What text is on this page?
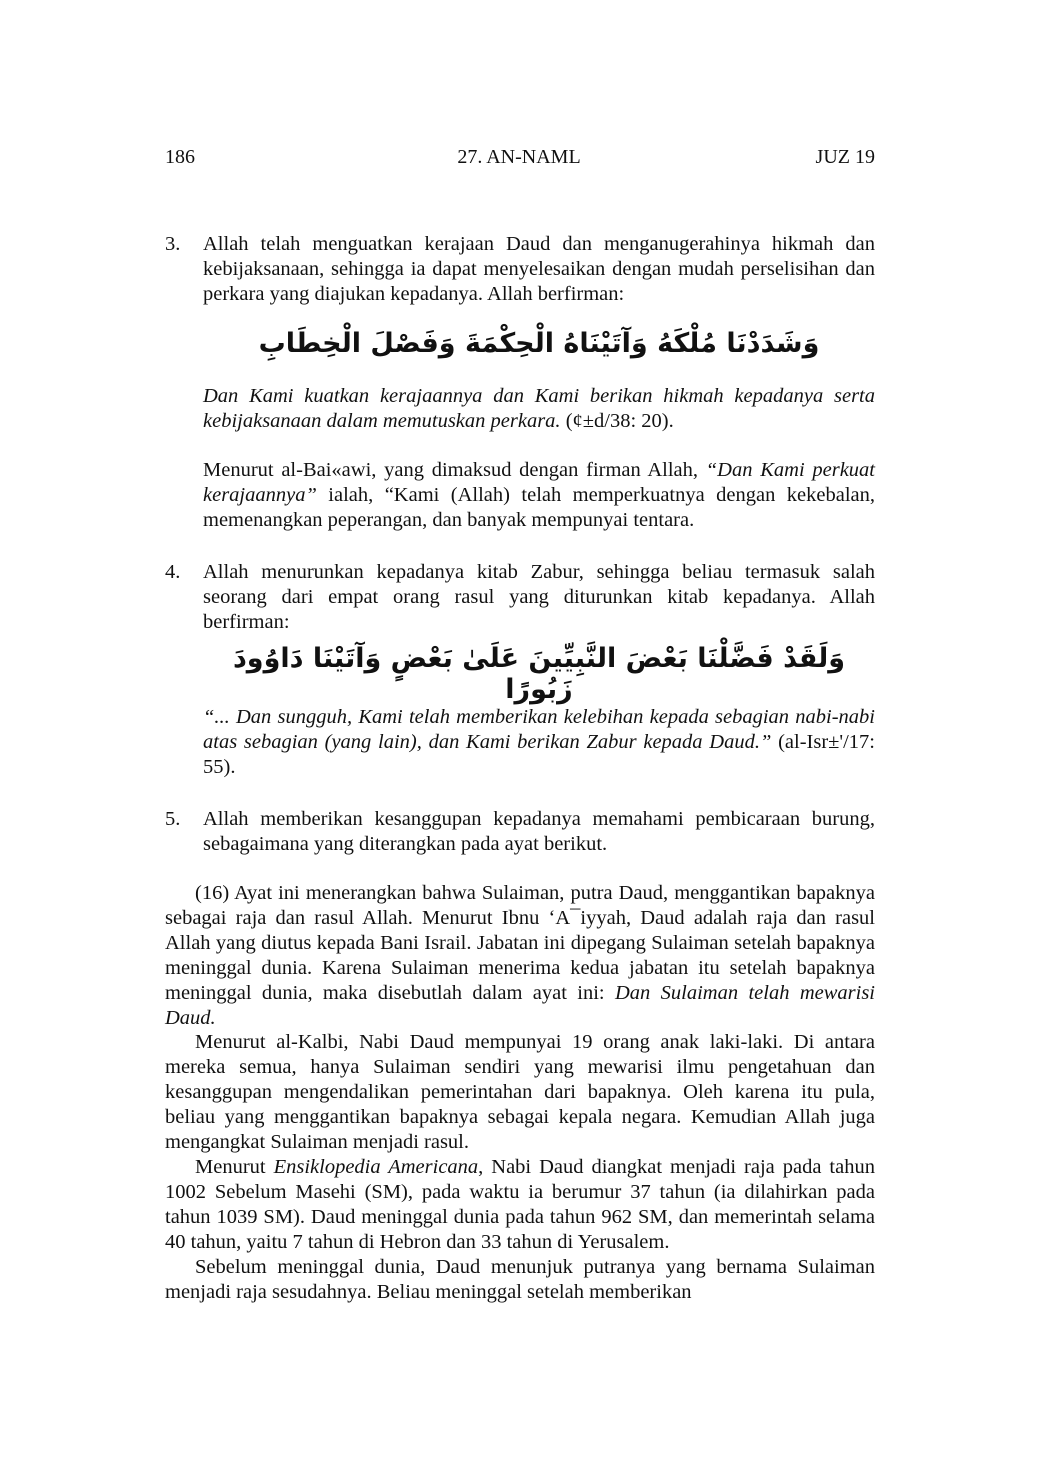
186	27. AN-NAML	JUZ 19
3.	Allah telah menguatkan kerajaan Daud dan menganugerahinya hikmah dan kebijaksanaan, sehingga ia dapat menyelesaikan dengan mudah perselisihan dan perkara yang diajukan kepadanya. Allah berfirman:
وَشَدَدْنَا مُلْكَهُ وَآتَيْنَاهُ الْحِكْمَةَ وَفَصْلَ الْخِطَابِ
Dan Kami kuatkan kerajaannya dan Kami berikan hikmah kepadanya serta kebijaksanaan dalam memutuskan perkara. (¢±d/38: 20).
Menurut al-Bai«awi, yang dimaksud dengan firman Allah, “Dan Kami perkuat kerajaannya” ialah, “Kami (Allah) telah memperkuatnya dengan kekebalan, memenangkan peperangan, dan banyak mempunyai tentara.
4.	Allah menurunkan kepadanya kitab Zabur, sehingga beliau termasuk salah seorang dari empat orang rasul yang diturunkan kitab kepadanya. Allah berfirman:
وَلَقَدْ فَضَّلْنَا بَعْضَ النَّبِيِّينَ عَلَىٰ بَعْضٍ وَآتَيْنَا دَاوُودَ زَبُورًا
“... Dan sungguh, Kami telah memberikan kelebihan kepada sebagian nabi-nabi atas sebagian (yang lain), dan Kami berikan Zabur kepada Daud.” (al-Isr±'/17: 55).
5.	Allah memberikan kesanggupan kepadanya memahami pembicaraan burung, sebagaimana yang diterangkan pada ayat berikut.
(16) Ayat ini menerangkan bahwa Sulaiman, putra Daud, menggantikan bapaknya sebagai raja dan rasul Allah. Menurut Ibnu ‘A¯iyyah, Daud adalah raja dan rasul Allah yang diutus kepada Bani Israil. Jabatan ini dipegang Sulaiman setelah bapaknya meninggal dunia. Karena Sulaiman menerima kedua jabatan itu setelah bapaknya meninggal dunia, maka disebutlah dalam ayat ini: Dan Sulaiman telah mewarisi Daud.
Menurut al-Kalbi, Nabi Daud mempunyai 19 orang anak laki-laki. Di antara mereka semua, hanya Sulaiman sendiri yang mewarisi ilmu pengetahuan dan kesanggupan mengendalikan pemerintahan dari bapaknya. Oleh karena itu pula, beliau yang menggantikan bapaknya sebagai kepala negara. Kemudian Allah juga mengangkat Sulaiman menjadi rasul.
Menurut Ensiklopedia Americana, Nabi Daud diangkat menjadi raja pada tahun 1002 Sebelum Masehi (SM), pada waktu ia berumur 37 tahun (ia dilahirkan pada tahun 1039 SM). Daud meninggal dunia pada tahun 962 SM, dan memerintah selama 40 tahun, yaitu 7 tahun di Hebron dan 33 tahun di Yerusalem.
Sebelum meninggal dunia, Daud menunjuk putranya yang bernama Sulaiman menjadi raja sesudahnya. Beliau meninggal setelah memberikan
